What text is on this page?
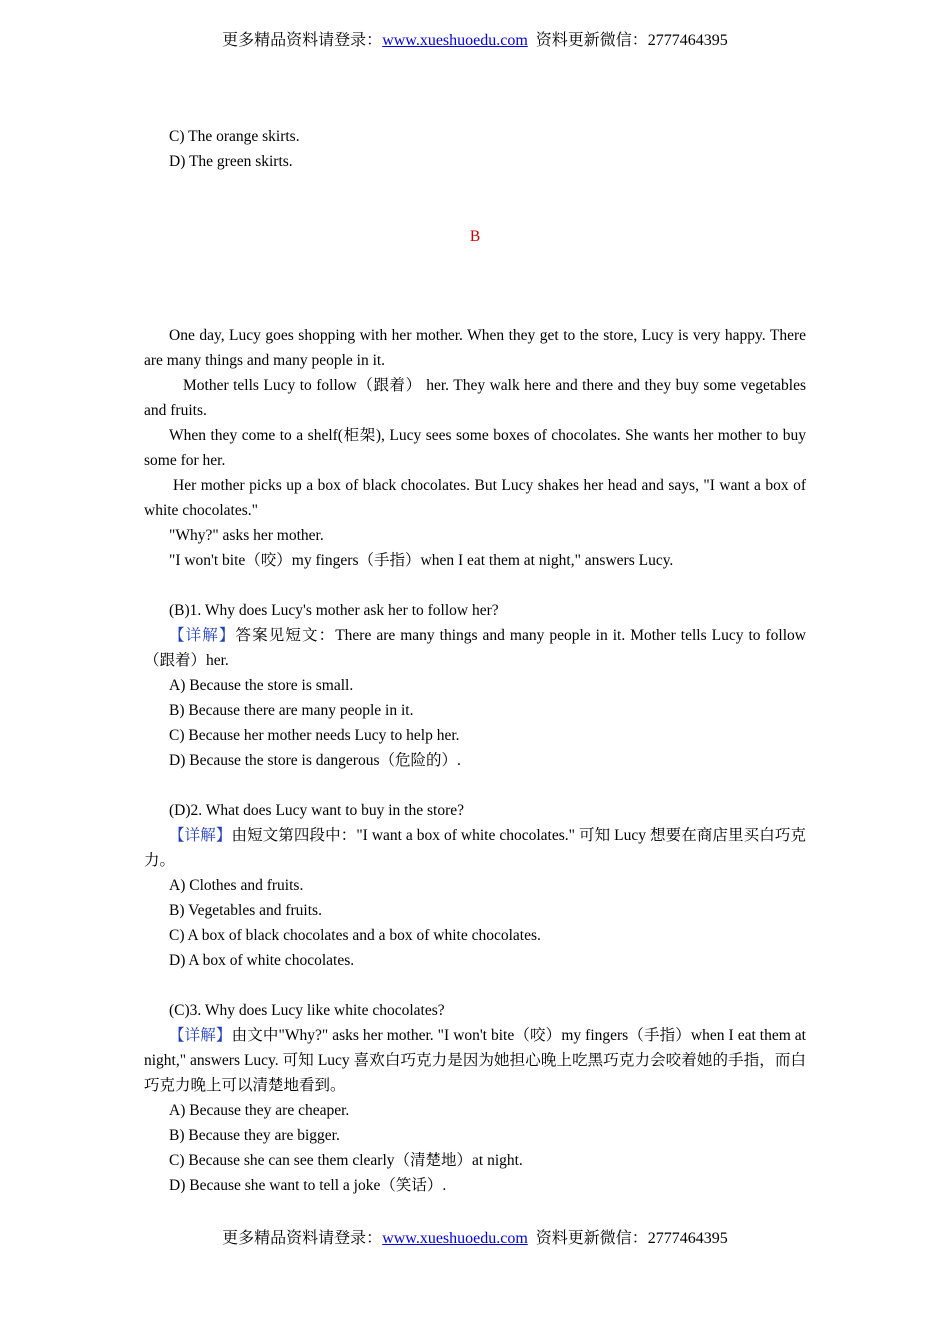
更多精品资料请登录：www.xueshuoedu.com  资料更新微信：2777464395
C) The orange skirts.
D) The green skirts.
B
One day, Lucy goes shopping with her mother. When they get to the store, Lucy is very happy. There are many things and many people in it.
Mother tells Lucy to follow（跟着） her. They walk here and there and they buy some vegetables and fruits.
When they come to a shelf(柜架), Lucy sees some boxes of chocolates. She wants her mother to buy some for her.
Her mother picks up a box of black chocolates. But Lucy shakes her head and says, "I want a box of white chocolates."
"Why?" asks her mother.
"I won't bite（咬）my fingers（手指）when I eat them at night," answers Lucy.
(B)1. Why does Lucy's mother ask her to follow her?
【详解】答案见短文：There are many things and many people in it. Mother tells Lucy to follow（跟着）her.
A) Because the store is small.
B) Because there are many people in it.
C) Because her mother needs Lucy to help her.
D) Because the store is dangerous（危险的）.
(D)2. What does Lucy want to buy in the store?
【详解】由短文第四段中："I want a box of white chocolates." 可知 Lucy 想要在商店里买白巧克力。
A) Clothes and fruits.
B) Vegetables and fruits.
C) A box of black chocolates and a box of white chocolates.
D) A box of white chocolates.
(C)3. Why does Lucy like white chocolates?
【详解】由文中"Why?" asks her mother. "I won't bite（咬）my fingers（手指）when I eat them at night," answers Lucy. 可知 Lucy 喜欢白巧克力是因为她担心晚上吃黑巧克力会咬着她的手指，而白巧克力晚上可以清楚地看到。
A) Because they are cheaper.
B) Because they are bigger.
C) Because she can see them clearly（清楚地）at night.
D) Because she want to tell a joke（笑话）.
更多精品资料请登录：www.xueshuoedu.com  资料更新微信：2777464395
